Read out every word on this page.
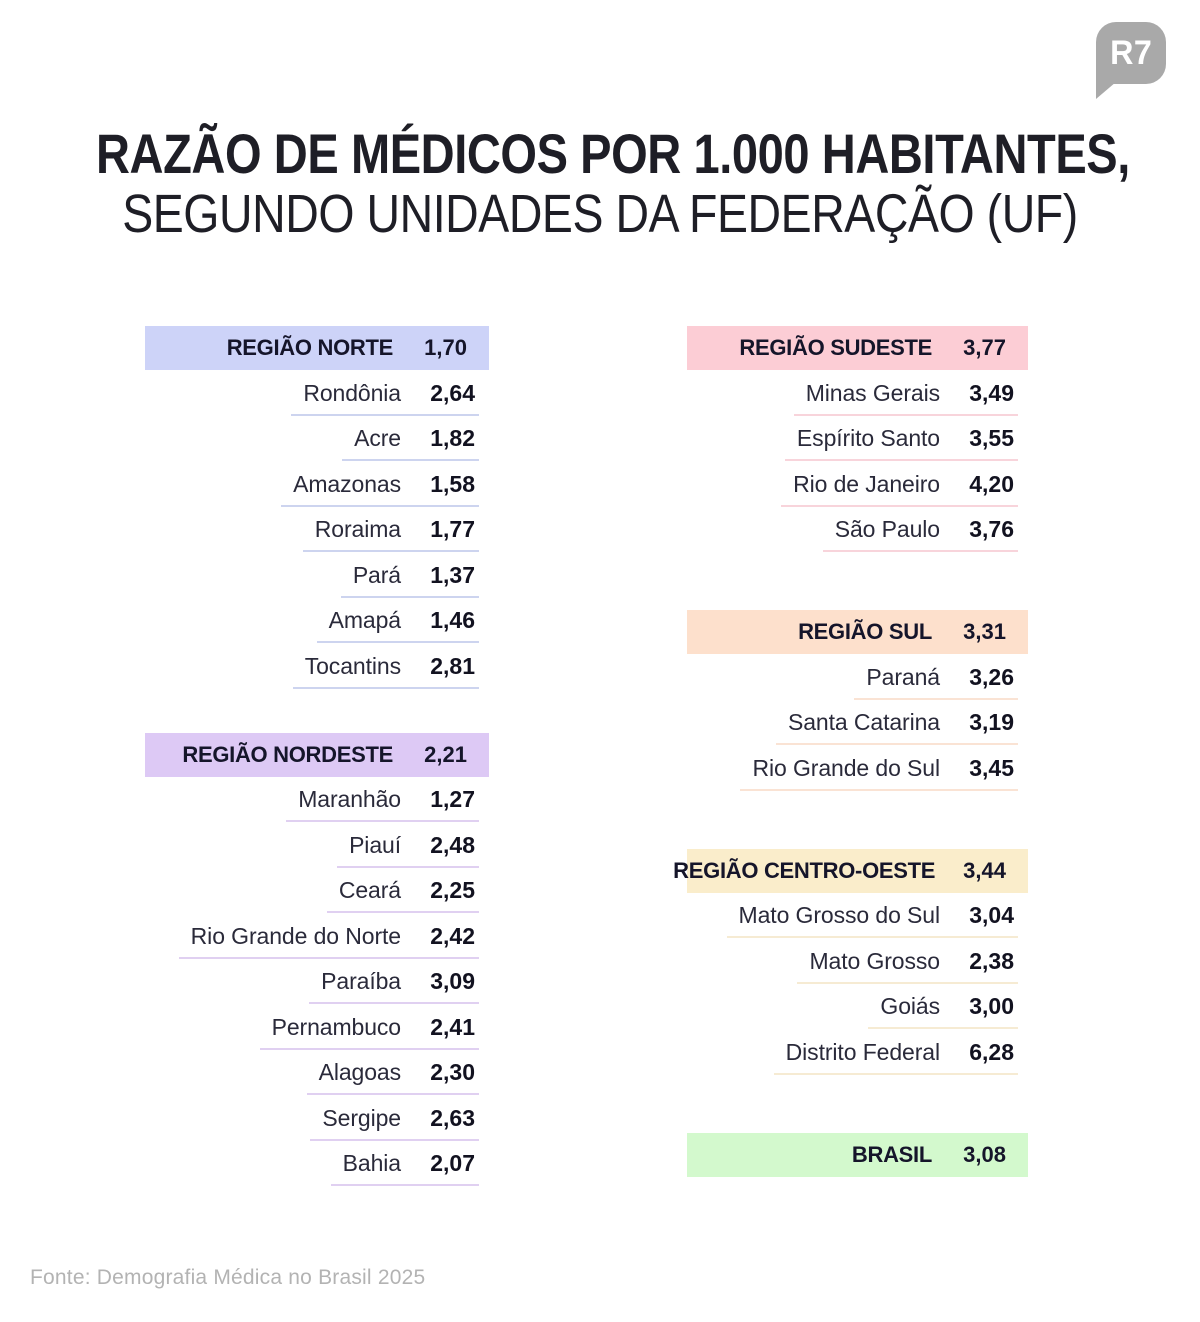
R7
RAZÃO DE MÉDICOS POR 1.000 HABITANTES,
SEGUNDO UNIDADES DA FEDERAÇÃO (UF)
REGIÃO NORTE 1,70
Rondônia 2,64
Acre 1,82
Amazonas 1,58
Roraima 1,77
Pará 1,37
Amapá 1,46
Tocantins 2,81
REGIÃO NORDESTE 2,21
Maranhão 1,27
Piauí 2,48
Ceará 2,25
Rio Grande do Norte 2,42
Paraíba 3,09
Pernambuco 2,41
Alagoas 2,30
Sergipe 2,63
Bahia 2,07
REGIÃO SUDESTE 3,77
Minas Gerais 3,49
Espírito Santo 3,55
Rio de Janeiro 4,20
São Paulo 3,76
REGIÃO SUL 3,31
Paraná 3,26
Santa Catarina 3,19
Rio Grande do Sul 3,45
REGIÃO CENTRO-OESTE 3,44
Mato Grosso do Sul 3,04
Mato Grosso 2,38
Goiás 3,00
Distrito Federal 6,28
BRASIL 3,08
Fonte: Demografia Médica no Brasil 2025
